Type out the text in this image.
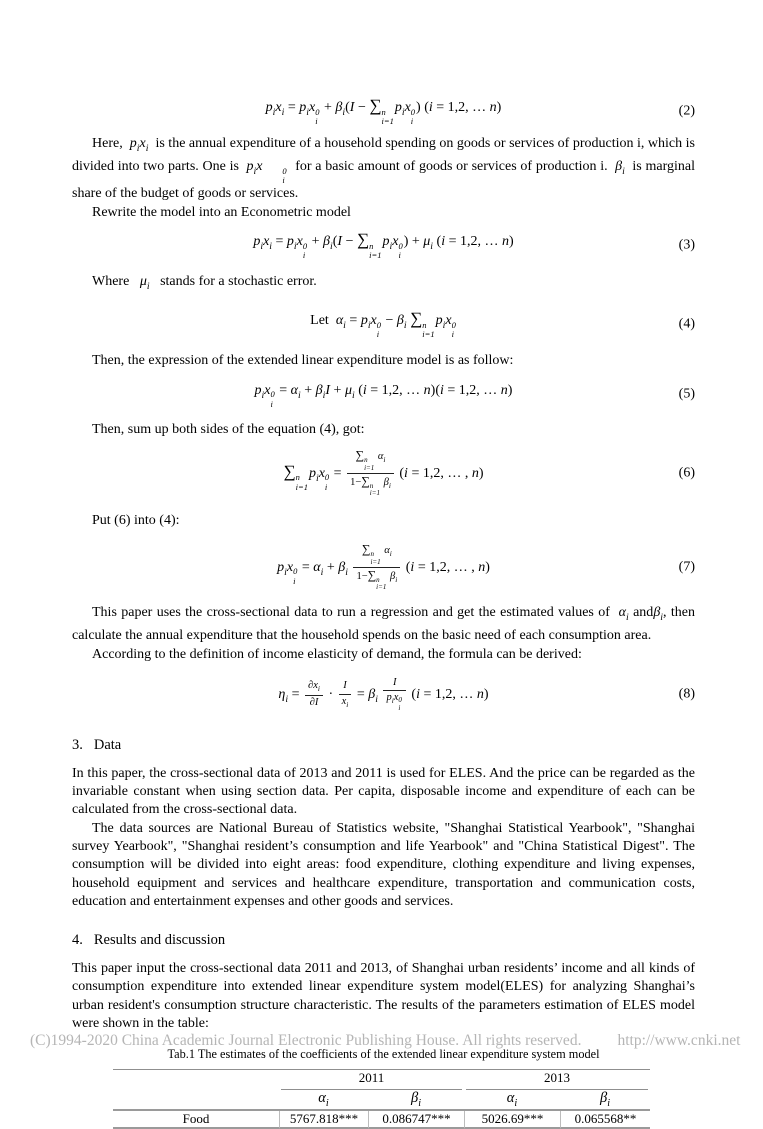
$p_ix_i = p_ix$ 0
i
+ $\beta_i(I$ − ∑ n
i=1
$p_ix$ 0
i
) (i = 1,2, … n)	(2)

Here,  $p_ix_i$  is the annual expenditure of a household spending on goods or services of production i, which is divided into two parts. One is  $p_ix$	0
i
for a basic amount of goods or services of production i.  $\beta_i$  is marginal share of the budget of goods or services.

Rewrite the model into an Econometric model

$p_ix_i = p_ix$ 0
i
+ $\beta_i(I$ − ∑ n
i=1
$p_ix$ 0
i
) + $\mu_i$ (i = 1,2, … n)	(3)

Where   $\mu_i$   stands for a stochastic error.

Let  $\alpha_i = p_ix$ 0
i
− $\beta_i$ ∑ n
i=1
$p_ix$ 0
i
(4)

Then, the expression of the extended linear expenditure model is as follow:

$p_ix$ 0
i
= $\alpha_i + \beta_iI + \mu_i$ (i = 1,2, … n)(i = 1,2, … n)	(5)

Then, sum up both sides of the equation (4), got:

∑ n
i=1
$p_ix$ 0
i
= ∑ n
i=1
$\alpha_i$
1−∑ n
i=1
$\beta_i$ (i = 1,2, … , n)	(6)

Put (6) into (4):

$p_ix$ 0
i
= $\alpha_i + \beta_i$ ∑ n
i=1
$\alpha_i$
1−∑ n
i=1
$\beta_i$ (i = 1,2, … , n)	(7)

This paper uses the cross-sectional data to run a regression and get the estimated values of  $\alpha_i$ andβ$_i$, then calculate the annual expenditure that the household spends on the basic need of each consumption area.

According to the definition of income elasticity of demand, the formula can be derived:

$\eta_i = \frac{\partial x_i}{\partial I} \cdot \frac{I}{x_i} = \beta_i$ I
$p_ix$ 0
i (i = 1,2, … n)	(8)
3. Data

In this paper, the cross-sectional data of 2013 and 2011 is used for ELES. And the price can be regarded as the invariable constant when using section data. Per capita, disposable income and expenditure of each can be calculated from the cross-sectional data.

The data sources are National Bureau of Statistics website, "Shanghai Statistical Yearbook", "Shanghai survey Yearbook", "Shanghai resident’s consumption and life Yearbook" and "China Statistical Digest". The consumption will be divided into eight areas: food expenditure, clothing expenditure and living expenses, household equipment and services and healthcare expenditure, transportation and communication costs, education and entertainment expenses and other goods and services.

4. Results and discussion

This paper input the cross-sectional data 2011 and 2013, of Shanghai urban residents’ income and all kinds of consumption expenditure into extended linear expenditure system model(ELES) for analyzing Shanghai’s urban resident's consumption structure characteristic. The results of the parameters estimation of ELES model were shown in the table:

Tab.1 The estimates of the coefficients of the extended linear expenditure system model

	2011		2013	

	$\alpha_i$	$\beta_i$	$\alpha_i$	$\beta_i$
Food	5767.818***	0.086747***	5026.69***	0.065568**
(C)1994-2020 China Academic Journal Electronic Publishing House. All rights reserved. http://www.cnki.net
